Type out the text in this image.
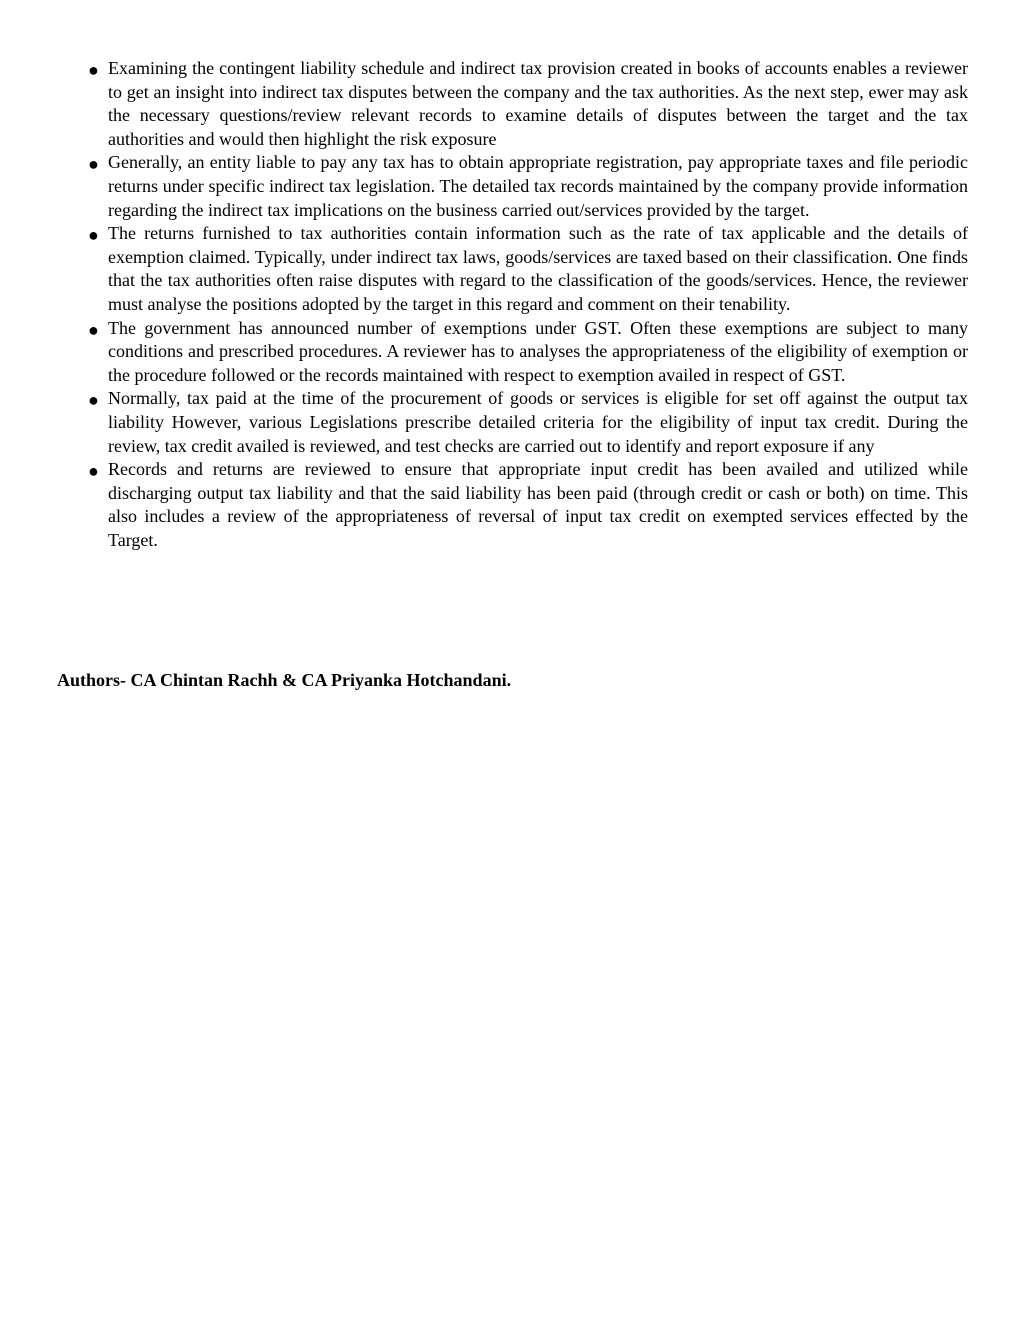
● Examining the contingent liability schedule and indirect tax provision created in books of accounts enables a reviewer to get an insight into indirect tax disputes between the company and the tax authorities. As the next step, ewer may ask the necessary questions/review relevant records to examine details of disputes between the target and the tax authorities and would then highlight the risk exposure
● Generally, an entity liable to pay any tax has to obtain appropriate registration, pay appropriate taxes and file periodic returns under specific indirect tax legislation. The detailed tax records maintained by the company provide information regarding the indirect tax implications on the business carried out/services provided by the target.
● The returns furnished to tax authorities contain information such as the rate of tax applicable and the details of exemption claimed. Typically, under indirect tax laws, goods/services are taxed based on their classification. One finds that the tax authorities often raise disputes with regard to the classification of the goods/services. Hence, the reviewer must analyse the positions adopted by the target in this regard and comment on their tenability.
● The government has announced number of exemptions under GST. Often these exemptions are subject to many conditions and prescribed procedures. A reviewer has to analyses the appropriateness of the eligibility of exemption or the procedure followed or the records maintained with respect to exemption availed in respect of GST.
● Normally, tax paid at the time of the procurement of goods or services is eligible for set off against the output tax liability However, various Legislations prescribe detailed criteria for the eligibility of input tax credit. During the review, tax credit availed is reviewed, and test checks are carried out to identify and report exposure if any
● Records and returns are reviewed to ensure that appropriate input credit has been availed and utilized while discharging output tax liability and that the said liability has been paid (through credit or cash or both) on time. This also includes a review of the appropriateness of reversal of input tax credit on exempted services effected by the Target.

Authors- CA Chintan Rachh & CA Priyanka Hotchandani.
